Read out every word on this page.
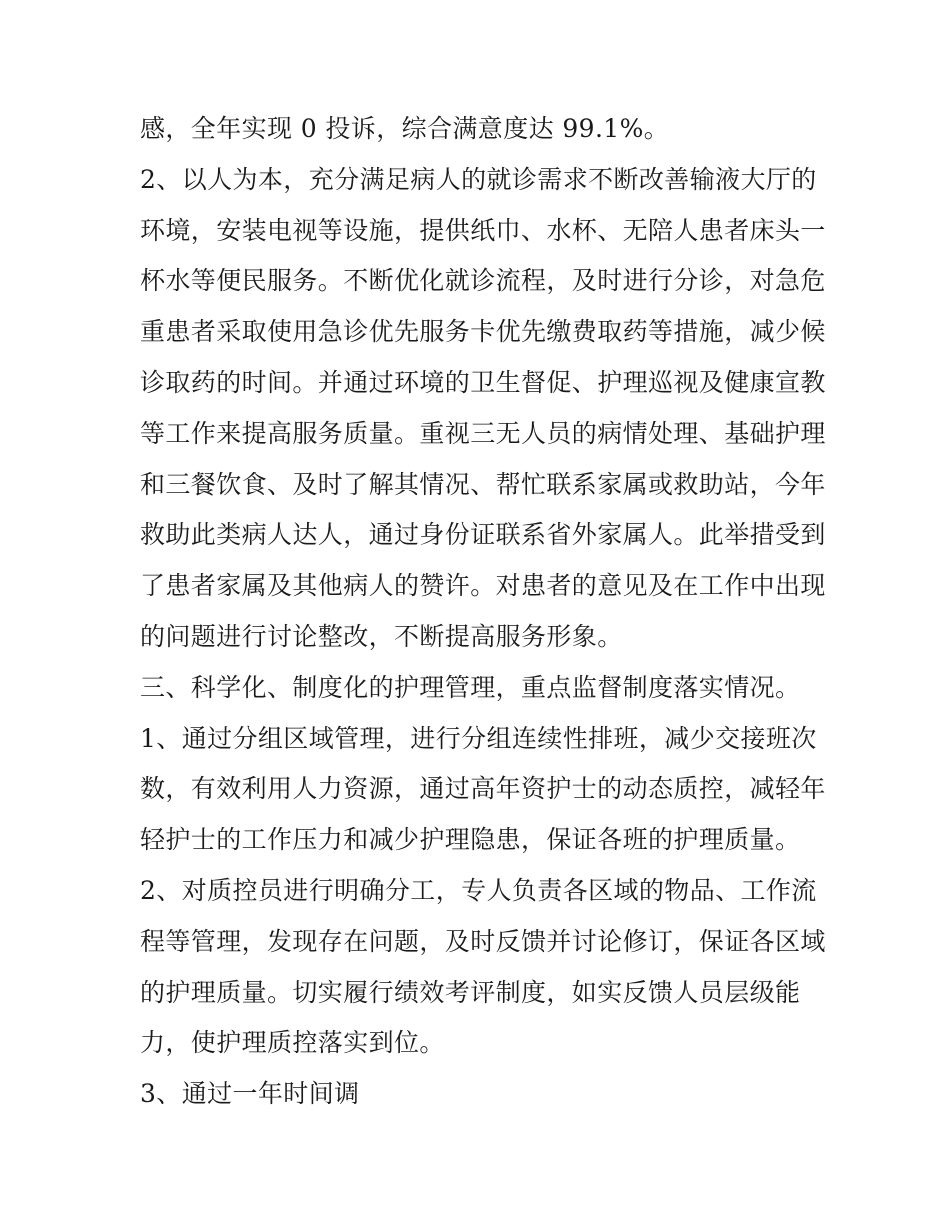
感，全年实现 0 投诉，综合满意度达 99.1%。
2、以人为本，充分满足病人的就诊需求不断改善输液大厅的
环境，安装电视等设施，提供纸巾、水杯、无陪人患者床头一
杯水等便民服务。不断优化就诊流程，及时进行分诊，对急危
重患者采取使用急诊优先服务卡优先缴费取药等措施，减少候
诊取药的时间。并通过环境的卫生督促、护理巡视及健康宣教
等工作来提高服务质量。重视三无人员的病情处理、基础护理
和三餐饮食、及时了解其情况、帮忙联系家属或救助站，今年
救助此类病人达人，通过身份证联系省外家属人。此举措受到
了患者家属及其他病人的赞许。对患者的意见及在工作中出现
的问题进行讨论整改，不断提高服务形象。
三、科学化、制度化的护理管理，重点监督制度落实情况。
1、通过分组区域管理，进行分组连续性排班，减少交接班次
数，有效利用人力资源，通过高年资护士的动态质控，减轻年
轻护士的工作压力和减少护理隐患，保证各班的护理质量。
2、对质控员进行明确分工，专人负责各区域的物品、工作流
程等管理，发现存在问题，及时反馈并讨论修订，保证各区域
的护理质量。切实履行绩效考评制度，如实反馈人员层级能
力，使护理质控落实到位。
3、通过一年时间调
